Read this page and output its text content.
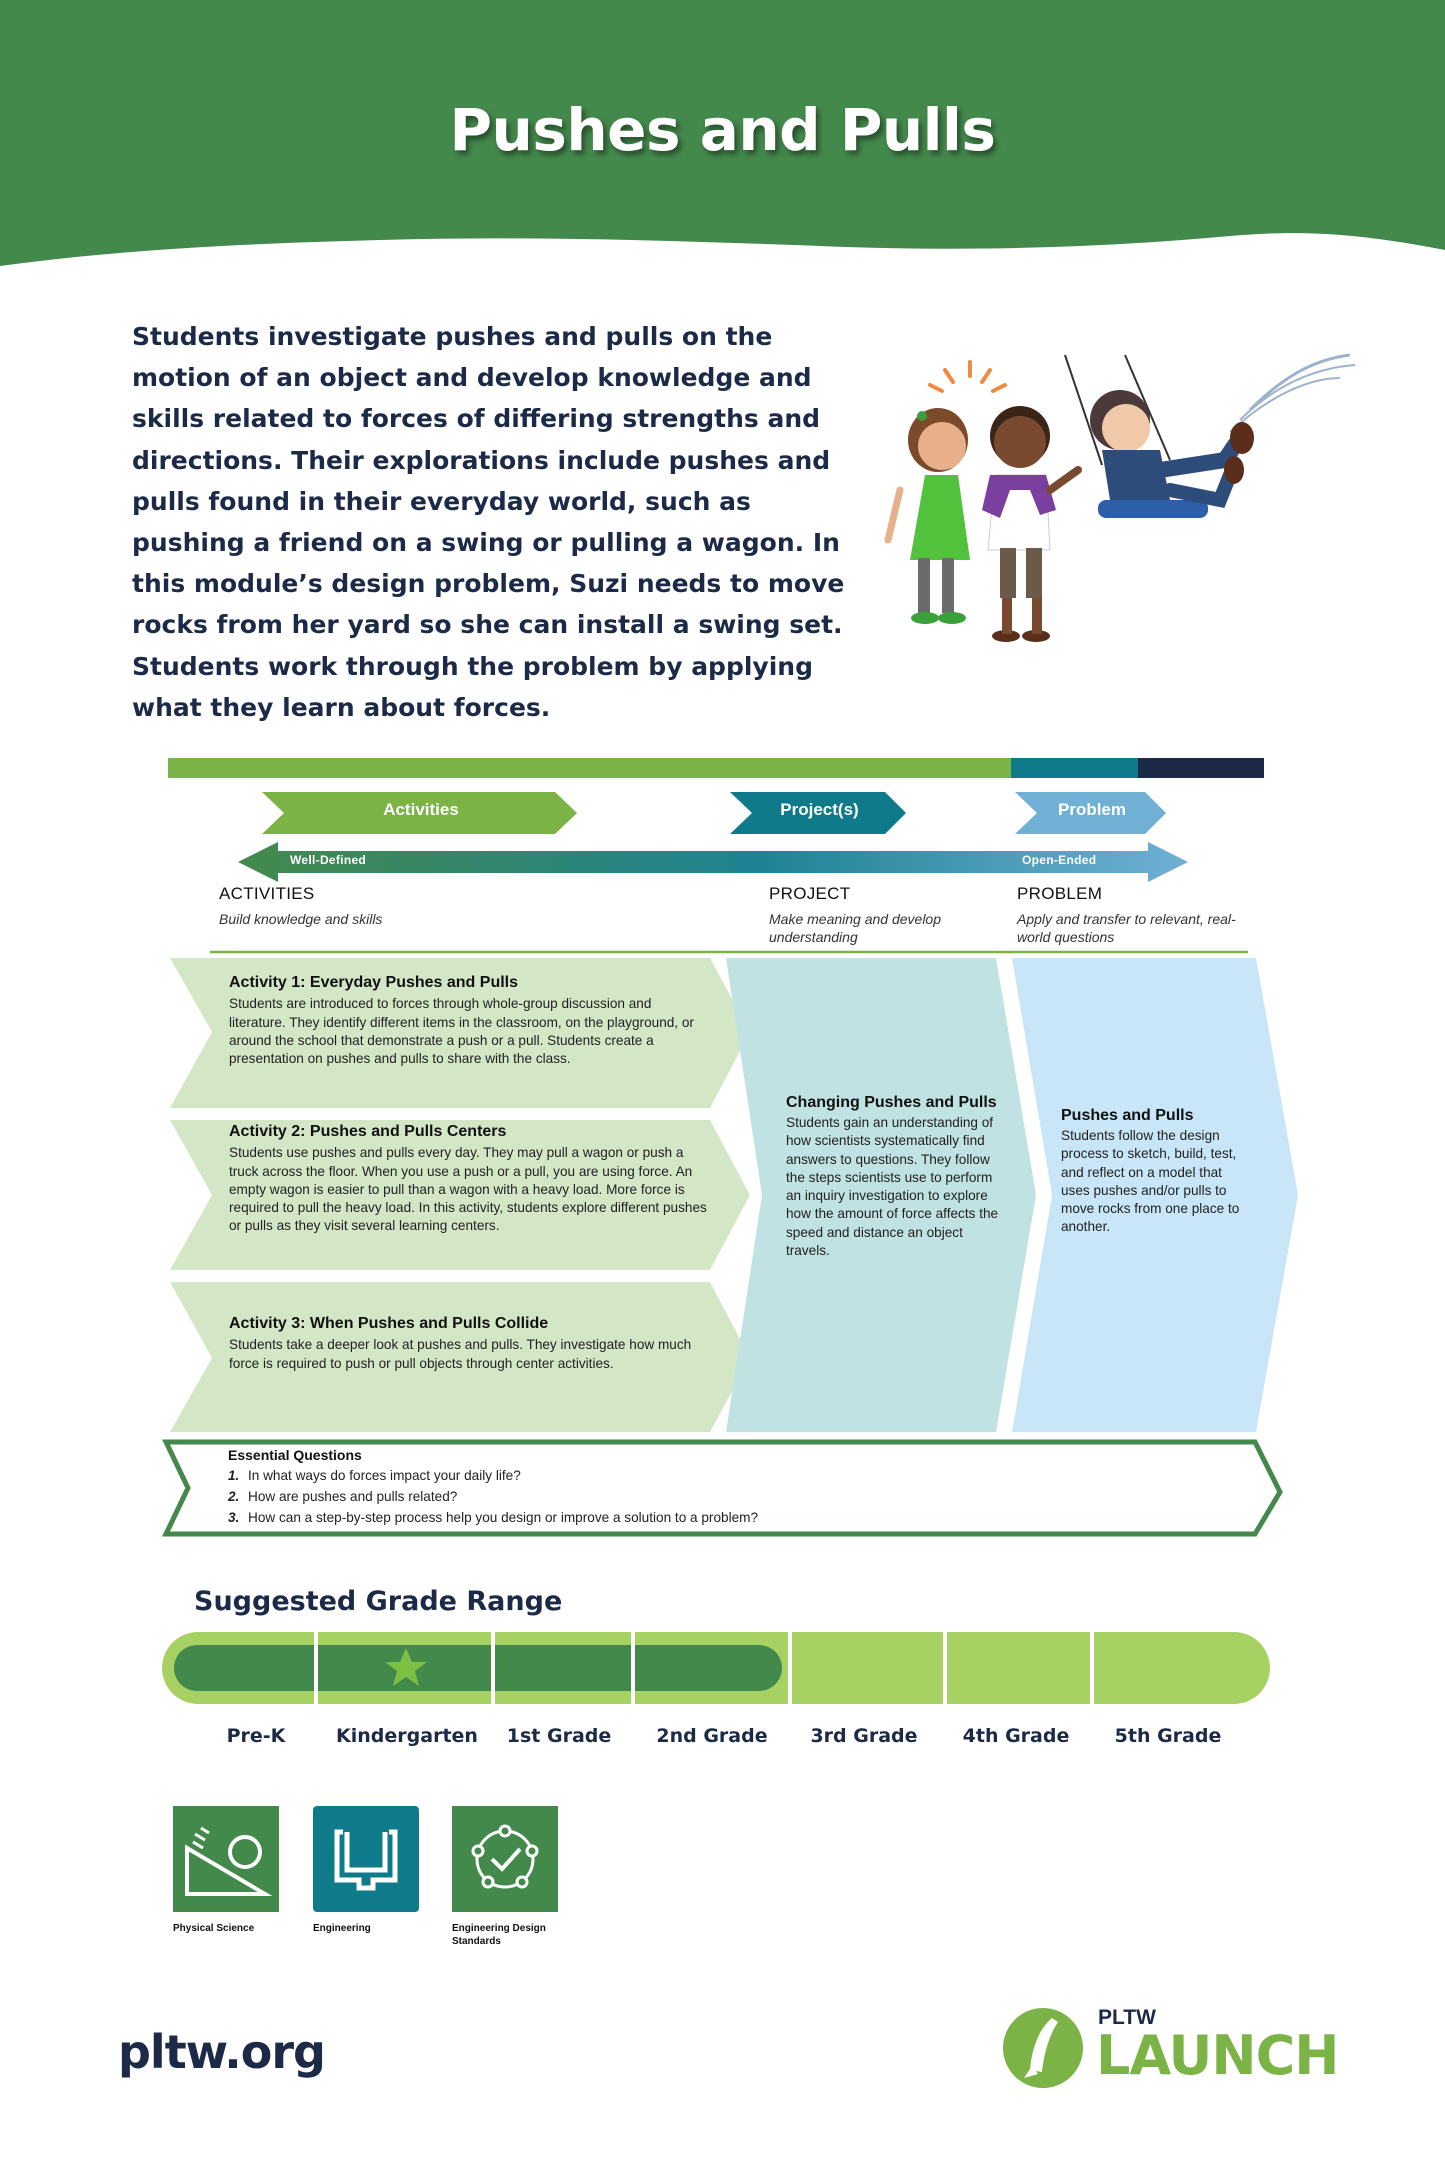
Pushes and Pulls
Students investigate pushes and pulls on the motion of an object and develop knowledge and skills related to forces of differing strengths and directions. Their explorations include pushes and pulls found in their everyday world, such as pushing a friend on a swing or pulling a wagon. In this module’s design problem, Suzi needs to move rocks from her yard so she can install a swing set. Students work through the problem by applying what they learn about forces.
Activities	Project(s)	Problem
Well-Defined	Open-Ended
ACTIVITIES
Build knowledge and skills
PROJECT
Make meaning and develop understanding
PROBLEM
Apply and transfer to relevant, real-world questions
Activity 1: Everyday Pushes and Pulls
Students are introduced to forces through whole-group discussion and literature. They identify different items in the classroom, on the playground, or around the school that demonstrate a push or a pull. Students create a presentation on pushes and pulls to share with the class.
Activity 2: Pushes and Pulls Centers
Students use pushes and pulls every day. They may pull a wagon or push a truck across the floor. When you use a push or a pull, you are using force. An empty wagon is easier to pull than a wagon with a heavy load. More force is required to pull the heavy load. In this activity, students explore different pushes or pulls as they visit several learning centers.
Activity 3: When Pushes and Pulls Collide
Students take a deeper look at pushes and pulls. They investigate how much force is required to push or pull objects through center activities.
Changing Pushes and Pulls
Students gain an understanding of how scientists systematically find answers to questions. They follow the steps scientists use to perform an inquiry investigation to explore how the amount of force affects the speed and distance an object travels.
Pushes and Pulls
Students follow the design process to sketch, build, test, and reflect on a model that uses pushes and/or pulls to move rocks from one place to another.
Essential Questions
1. In what ways do forces impact your daily life?
2. How are pushes and pulls related?
3. How can a step-by-step process help you design or improve a solution to a problem?
Suggested Grade Range
Pre-K	Kindergarten	1st Grade	2nd Grade	3rd Grade	4th Grade	5th Grade
Physical Science	Engineering	Engineering Design Standards
pltw.org
PLTW
LAUNCH
